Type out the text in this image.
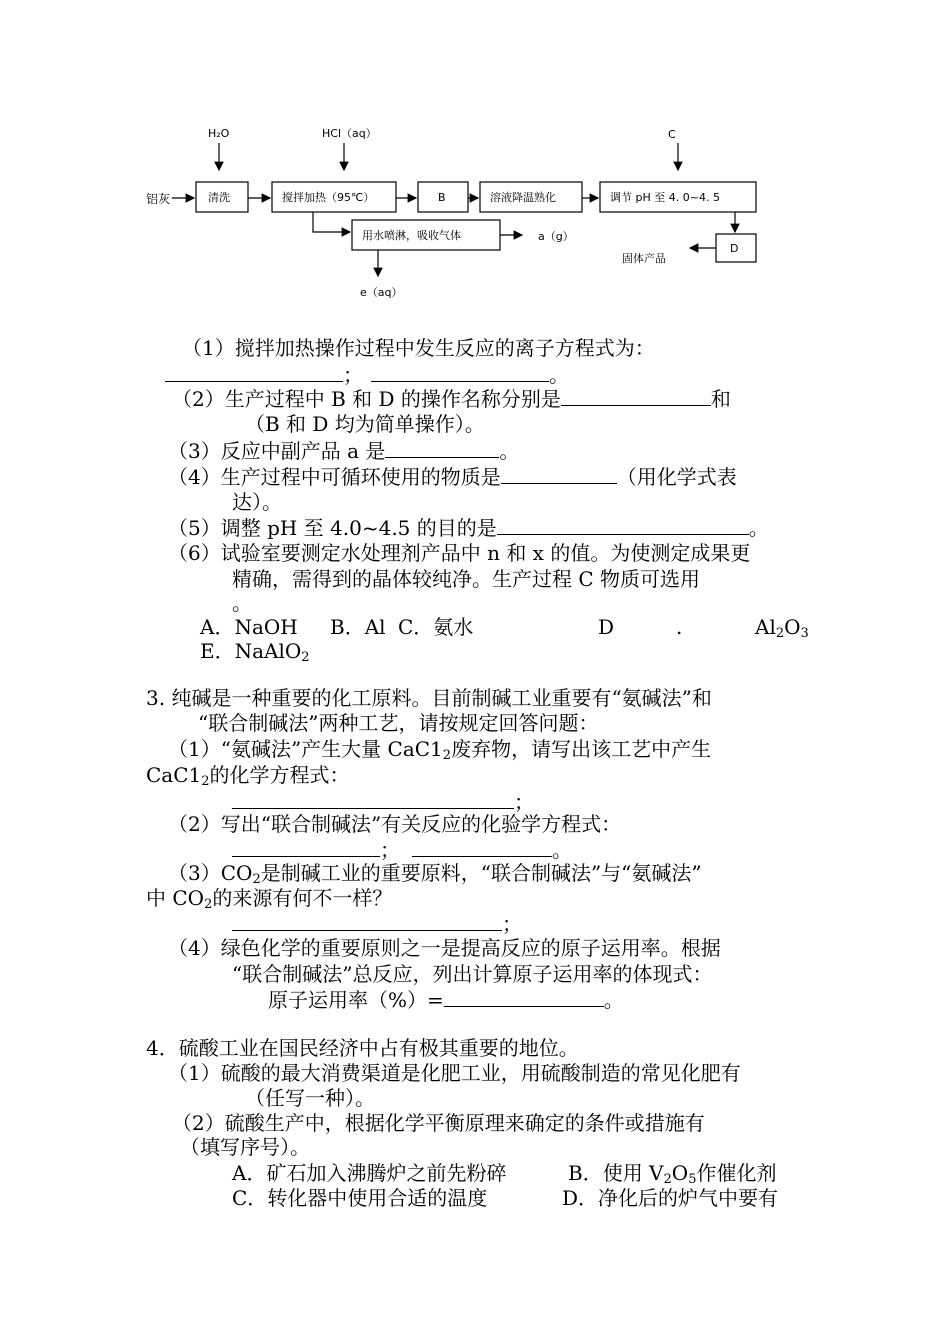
H₂O	HCl（aq）	C
铝灰	清洗	搅拌加热（95℃）	B	溶液降温熟化	调节 pH 至 4. 0~4. 5
D
固体产品
用水喷淋，吸收气体	a（g）
e（aq）
（1）搅拌加热操作过程中发生反应的离子方程式为：
；	。
（2）生产过程中 B 和 D 的操作名称分别是	和
（B 和 D 均为简单操作）。
（3）反应中副产品 a 是	。
（4）生产过程中可循环使用的物质是	（用化学式表
达）。
（5）调整 pH 至 4.0~4.5 的目的是	。
（6）试验室要测定水处理剂产品中 n 和 x 的值。为使测定成果更
精确，需得到的晶体较纯净。生产过程 C 物质可选用
。
A．NaOH B．Al C．氨水	D	.	$Al_2O_3$
E．NaAlO$_2$
3. 纯碱是一种重要的化工原料。目前制碱工业重要有“氨碱法”和
“联合制碱法”两种工艺，请按规定回答问题：
（1）“氨碱法”产生大量 $CaC1_2$废弃物，请写出该工艺中产生
$CaC1_2$的化学方程式：
；
（2）写出“联合制碱法”有关反应的化验学方程式：
；	。
$(3)CO_2$是制碱工业的重要原料，“联合制碱法”与“氨碱法”
中 $CO_2$的来源有何不一样？
；
（4）绿色化学的重要原则之一是提高反应的原子运用率。根据
“联合制碱法”总反应，列出计算原子运用率的体现式：
原子运用率（%）=	。
4．硫酸工业在国民经济中占有极其重要的地位。
（1）硫酸的最大消费渠道是化肥工业，用硫酸制造的常见化肥有
（任写一种）。
（2）硫酸生产中，根据化学平衡原理来确定的条件或措施有
（填写序号）。
A．矿石加入沸腾炉之前先粉碎	B．使用 $V_2O_5$作催化剂
C．转化器中使用合适的温度	D．净化后的炉气中要有
